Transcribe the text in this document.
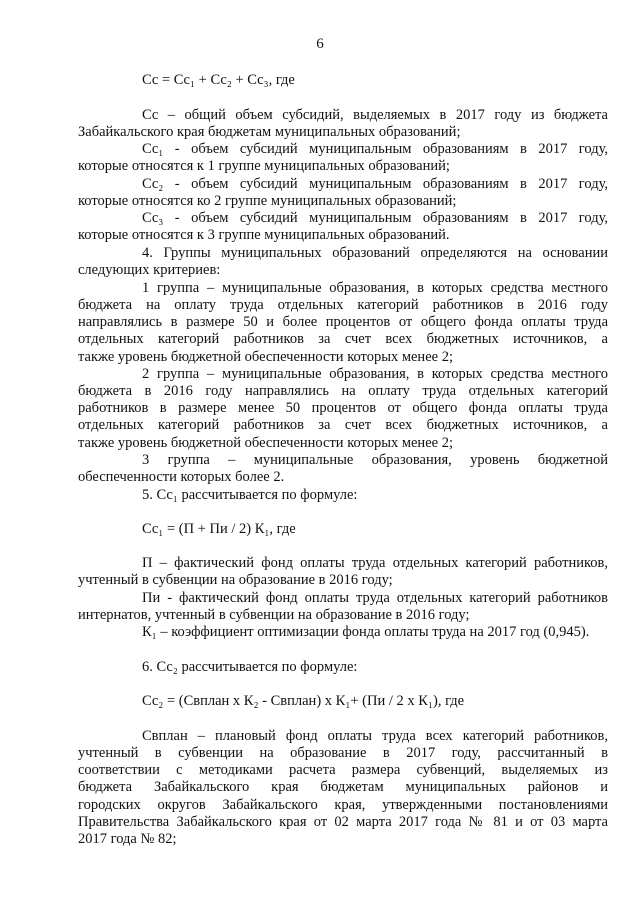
6
Сс = Сс₁ + Сс₂ + Сс₃, где
Сс – общий объем субсидий, выделяемых в 2017 году из бюджета
Забайкальского края бюджетам муниципальных образований;
Сс₁ - объем субсидий муниципальным образованиям в 2017 году,
которые относятся к 1 группе муниципальных образований;
Сс₂ - объем субсидий муниципальным образованиям в 2017 году,
которые относятся ко 2 группе муниципальных образований;
Сс₃ - объем субсидий муниципальным образованиям в 2017 году,
которые относятся к 3 группе муниципальных образований.
4. Группы муниципальных образований определяются на основании
следующих критериев:
1 группа – муниципальные образования, в которых средства местного
бюджета на оплату труда отдельных категорий работников в 2016 году
направлялись в размере 50 и более процентов от общего фонда оплаты труда
отдельных категорий работников за счет всех бюджетных источников, а
также уровень бюджетной обеспеченности которых менее 2;
2 группа – муниципальные образования, в которых средства местного
бюджета в 2016 году направлялись на оплату труда отдельных категорий
работников в размере менее 50 процентов от общего фонда оплаты труда
отдельных категорий работников за счет всех бюджетных источников, а
также уровень бюджетной обеспеченности которых менее 2;
3 группа – муниципальные образования, уровень бюджетной
обеспеченности которых более 2.
5. Сс₁ рассчитывается по формуле:
Сс₁ = (П + Пи / 2) К₁, где
П – фактический фонд оплаты труда отдельных категорий работников,
учтенный в субвенции на образование в 2016 году;
Пи - фактический фонд оплаты труда отдельных категорий работников
интернатов, учтенный в субвенции на образование в 2016 году;
К₁ – коэффициент оптимизации фонда оплаты труда на 2017 год (0,945).
6. Сс₂ рассчитывается по формуле:
Сс₂ = (Свплан х К₂ - Свплан) х К₁+ (Пи / 2 х К₁), где
Свплан – плановый фонд оплаты труда всех категорий работников,
учтенный в субвенции на образование в 2017 году, рассчитанный в
соответствии с методиками расчета размера субвенций, выделяемых из
бюджета Забайкальского края бюджетам муниципальных районов и
городских округов Забайкальского края, утвержденными постановлениями
Правительства Забайкальского края от 02 марта 2017 года № 81 и от 03 марта
2017 года № 82;
